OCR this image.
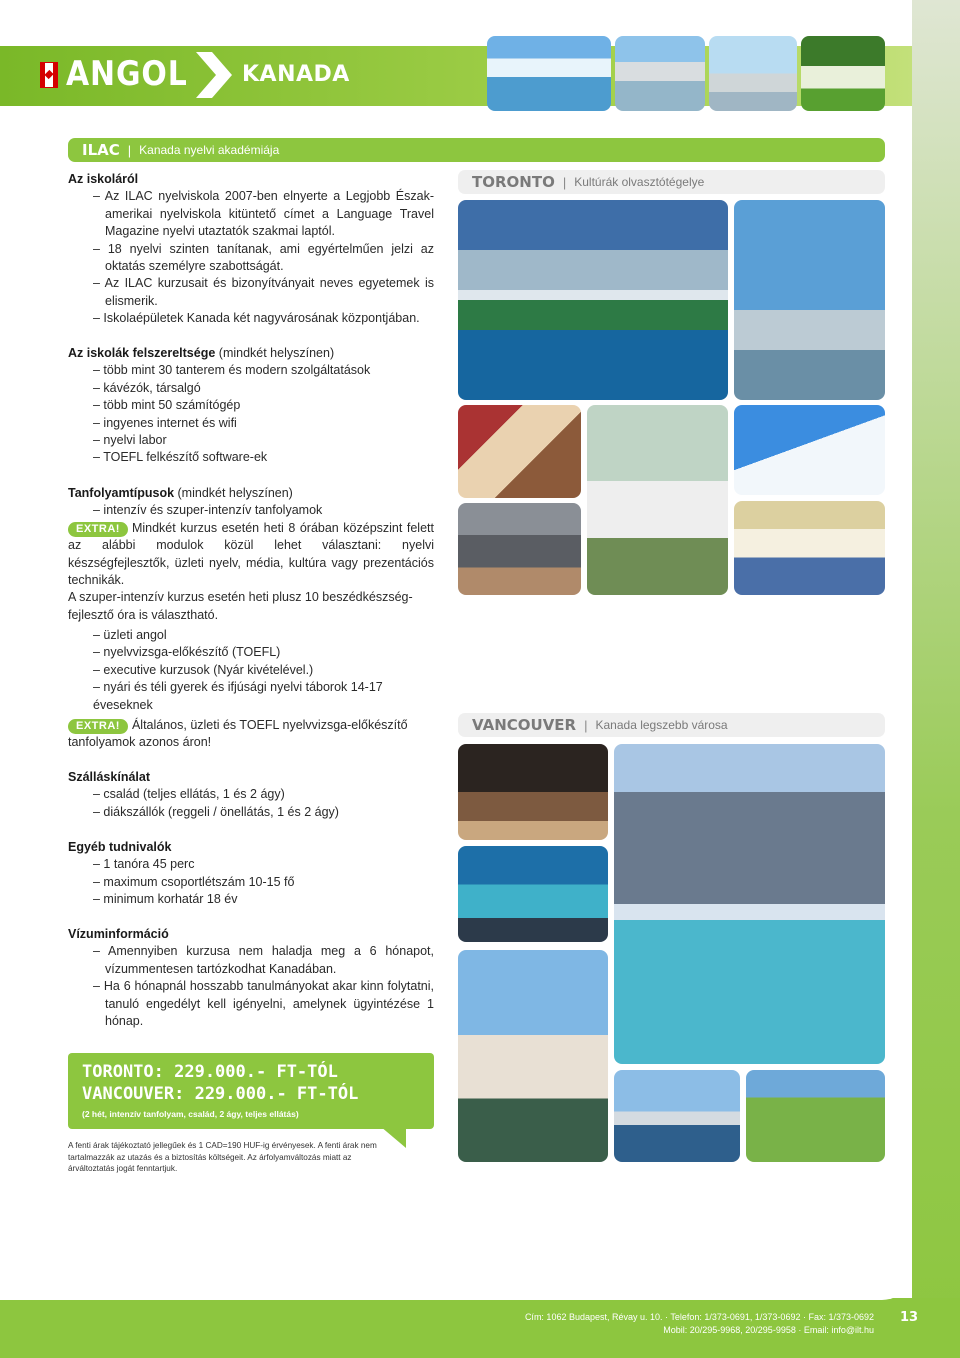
ANGOL KANADA
ILAC | Kanada nyelvi akadémiája
Az iskoláról
– Az ILAC nyelviskola 2007-ben elnyerte a Legjobb Észak-amerikai nyelviskola kitüntető címet a Language Travel Magazine nyelvi utaztatók szakmai laptól.
– 18 nyelvi szinten tanítanak, ami egyértelműen jelzi az oktatás személyre szabottságát.
– Az ILAC kurzusait és bizonyítványait neves egyetemek is elismerik.
– Iskolaépületek Kanada két nagyvárosának központjában.
Az iskolák felszereltsége (mindkét helyszínen)
– több mint 30 tanterem és modern szolgáltatások
– kávézók, társalgó
– több mint 50 számítógép
– ingyenes internet és wifi
– nyelvi labor
– TOEFL felkészítő software-ek
Tanfolyamtípusok (mindkét helyszínen)
– intenzív és szuper-intenzív tanfolyamok
EXTRA! Mindkét kurzus esetén heti 8 órában középszint felett az alábbi modulok közül lehet választani: nyelvi készségfejlesztők, üzleti nyelv, média, kultúra vagy prezentációs technikák.
A szuper-intenzív kurzus esetén heti plusz 10 beszédkészség-fejlesztő óra is választható.
– üzleti angol
– nyelvvizsga-előkészítő (TOEFL)
– executive kurzusok (Nyár kivételével.)
– nyári és téli gyerek és ifjúsági nyelvi táborok 14-17 éveseknek
EXTRA! Általános, üzleti és TOEFL nyelvvizsga-előkészítő tanfolyamok azonos áron!
Szálláskínálat
– család (teljes ellátás, 1 és 2 ágy)
– diákszállók (reggeli / önellátás, 1 és 2 ágy)
Egyéb tudnivalók
– 1 tanóra 45 perc
– maximum csoportlétszám 10-15 fő
– minimum korhatár 18 év
Vízuminformáció
– Amennyiben kurzusa nem haladja meg a 6 hónapot, vízummentesen tartózkodhat Kanadában.
– Ha 6 hónapnál hosszabb tanulmányokat akar kinn folytatni, tanuló engedélyt kell igényelni, amelynek ügyintézése 1 hónap.
TORONTO: 229.000.- FT-TÓL
VANCOUVER: 229.000.- FT-TÓL
(2 hét, intenzív tanfolyam, család, 2 ágy, teljes ellátás)
A fenti árak tájékoztató jellegűek és 1 CAD=190 HUF-ig érvényesek. A fenti árak nem tartalmazzák az utazás és a biztosítás költségeit. Az árfolyamváltozás miatt az árváltoztatás jogát fenntartjuk.
TORONTO | Kultúrák olvasztótégelye
VANCOUVER | Kanada legszebb városa
Cím: 1062 Budapest, Révay u. 10. · Telefon: 1/373-0691, 1/373-0692 · Fax: 1/373-0692
Mobil: 20/295-9968, 20/295-9958 · Email: info@ilt.hu
13
